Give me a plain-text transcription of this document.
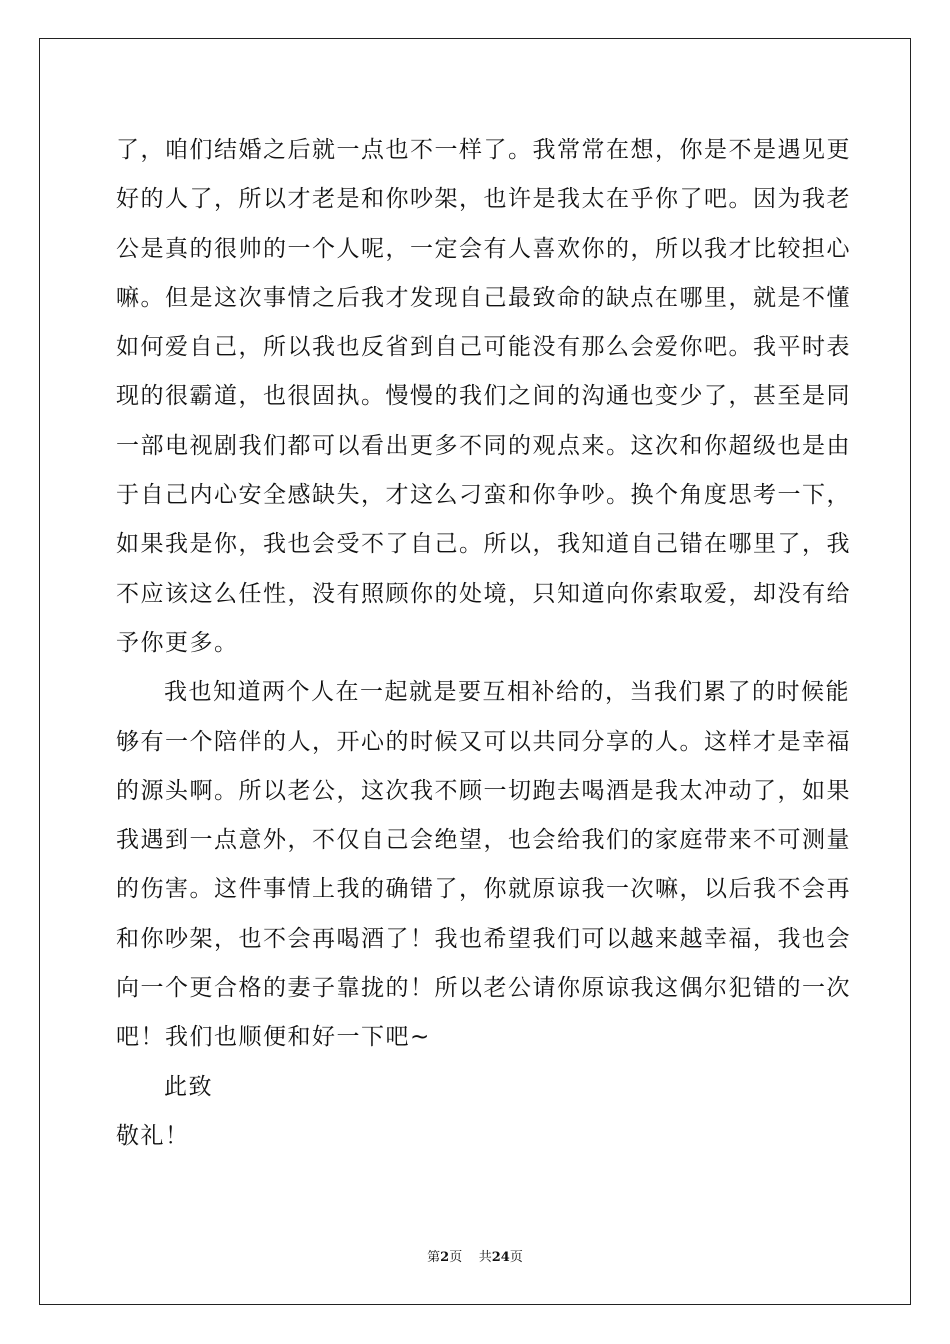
了，咱们结婚之后就一点也不一样了。我常常在想，你是不是遇见更
好的人了，所以才老是和你吵架，也许是我太在乎你了吧。因为我老
公是真的很帅的一个人呢，一定会有人喜欢你的，所以我才比较担心
嘛。但是这次事情之后我才发现自己最致命的缺点在哪里，就是不懂
如何爱自己，所以我也反省到自己可能没有那么会爱你吧。我平时表
现的很霸道，也很固执。慢慢的我们之间的沟通也变少了，甚至是同
一部电视剧我们都可以看出更多不同的观点来。这次和你超级也是由
于自己内心安全感缺失，才这么刁蛮和你争吵。换个角度思考一下，
如果我是你，我也会受不了自己。所以，我知道自己错在哪里了，我
不应该这么任性，没有照顾你的处境，只知道向你索取爱，却没有给
予你更多。
我也知道两个人在一起就是要互相补给的，当我们累了的时候能
够有一个陪伴的人，开心的时候又可以共同分享的人。这样才是幸福
的源头啊。所以老公，这次我不顾一切跑去喝酒是我太冲动了，如果
我遇到一点意外，不仅自己会绝望，也会给我们的家庭带来不可测量
的伤害。这件事情上我的确错了，你就原谅我一次嘛，以后我不会再
和你吵架，也不会再喝酒了！我也希望我们可以越来越幸福，我也会
向一个更合格的妻子靠拢的！所以老公请你原谅我这偶尔犯错的一次
吧！我们也顺便和好一下吧~
此致
敬礼！
第2页 共24页
